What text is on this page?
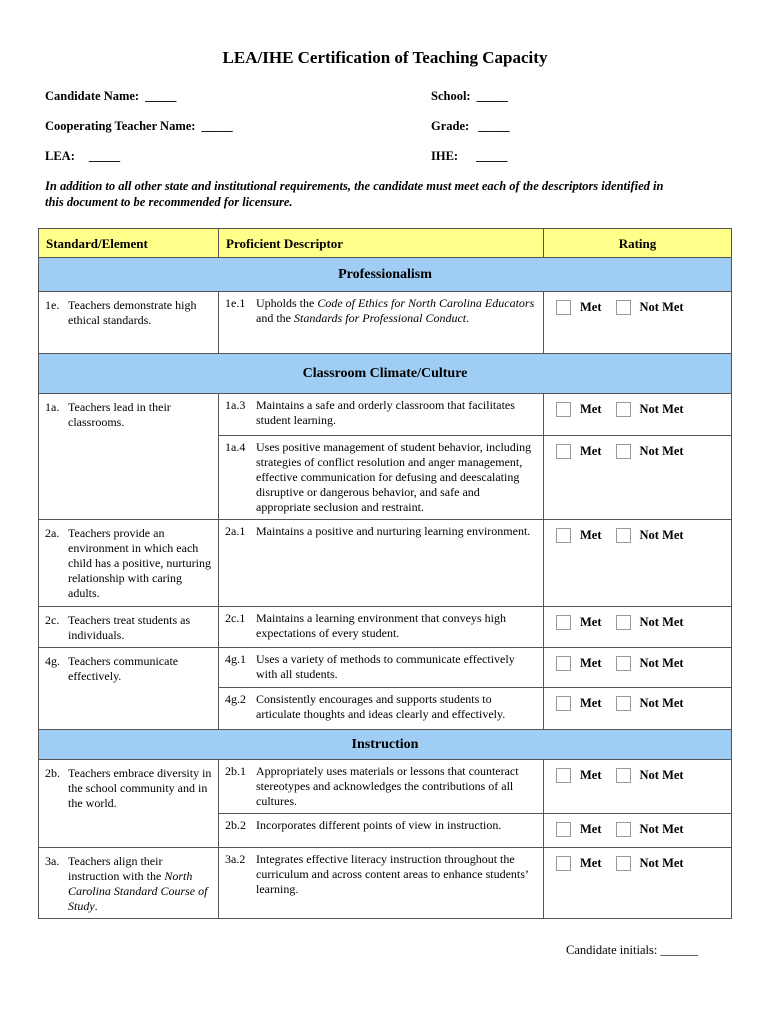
LEA/IHE Certification of Teaching Capacity
Candidate Name: _____	School: _____
Cooperating Teacher Name: _____	Grade: _____
LEA: _____	IHE: _____
In addition to all other state and institutional requirements, the candidate must meet each of the descriptors identified in this document to be recommended for licensure.
Standard/Element	Proficient Descriptor	Rating
Professionalism		

1e. Teachers demonstrate high ethical standards.	1e.1 Upholds the Code of Ethics for North Carolina Educators and the Standards for Professional Conduct.	Met Not Met

Classroom Climate/Culture		

1a. Teachers lead in their classrooms.	1a.3 Maintains a safe and orderly classroom that facilitates student learning.	Met Not Met

	1a.4 Uses positive management of student behavior, including strategies of conflict resolution and anger management, effective communication for defusing and deescalating disruptive or dangerous behavior, and safe and appropriate seclusion and restraint.	Met Not Met

2a. Teachers provide an environment in which each child has a positive, nurturing relationship with caring adults.	2a.1 Maintains a positive and nurturing learning environment.	Met Not Met

2c. Teachers treat students as individuals.	2c.1 Maintains a learning environment that conveys high expectations of every student.	Met Not Met

4g. Teachers communicate effectively.	4g.1 Uses a variety of methods to communicate effectively with all students.	Met Not Met

	4g.2 Consistently encourages and supports students to articulate thoughts and ideas clearly and effectively.	Met Not Met

Instruction		

2b. Teachers embrace diversity in the school community and in the world.	2b.1 Appropriately uses materials or lessons that counteract stereotypes and acknowledges the contributions of all cultures.	Met Not Met

	2b.2 Incorporates different points of view in instruction.	Met Not Met

3a. Teachers align their instruction with the North Carolina Standard Course of Study.	3a.2 Integrates effective literacy instruction throughout the curriculum and across content areas to enhance students’ learning.	Met Not Met
Candidate initials: ______
